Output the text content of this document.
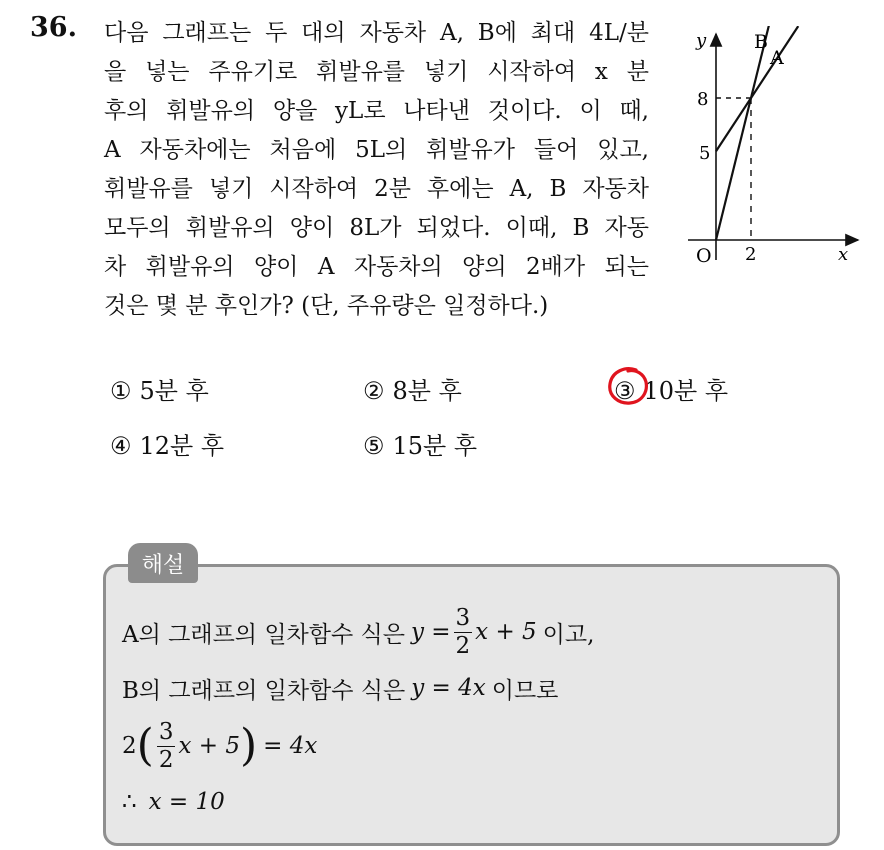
36. 다음 그래프는 두 대의 자동차 A, B에 최대 4L/분
을 넣는 주유기로 휘발유를 넣기 시작하여 x 분
후의 휘발유의 양을 yL로 나타낸 것이다. 이 때,
A 자동차에는 처음에 5L의 휘발유가 들어 있고,
휘발유를 넣기 시작하여 2분 후에는 A, B 자동차
모두의 휘발유의 양이 8L가 되었다. 이때, B 자동
차 휘발유의 양이 A 자동차의 양의 2배가 되는
것은 몇 분 후인가? (단, 주유량은 일정하다.)
y
x
O
8
5
2
B
A
① 5분 후	② 8분 후	③ 10분 후
④ 12분 후	⑤ 15분 후
해설
A의 그래프의 일차함수 식은 $y = \frac{3}{2}$ x + 5 이고,
B의 그래프의 일차함수 식은 y = 4x 이므로
2 ( $\frac{3}{2}$ x + 5 ) = 4x
∴ x = 10
